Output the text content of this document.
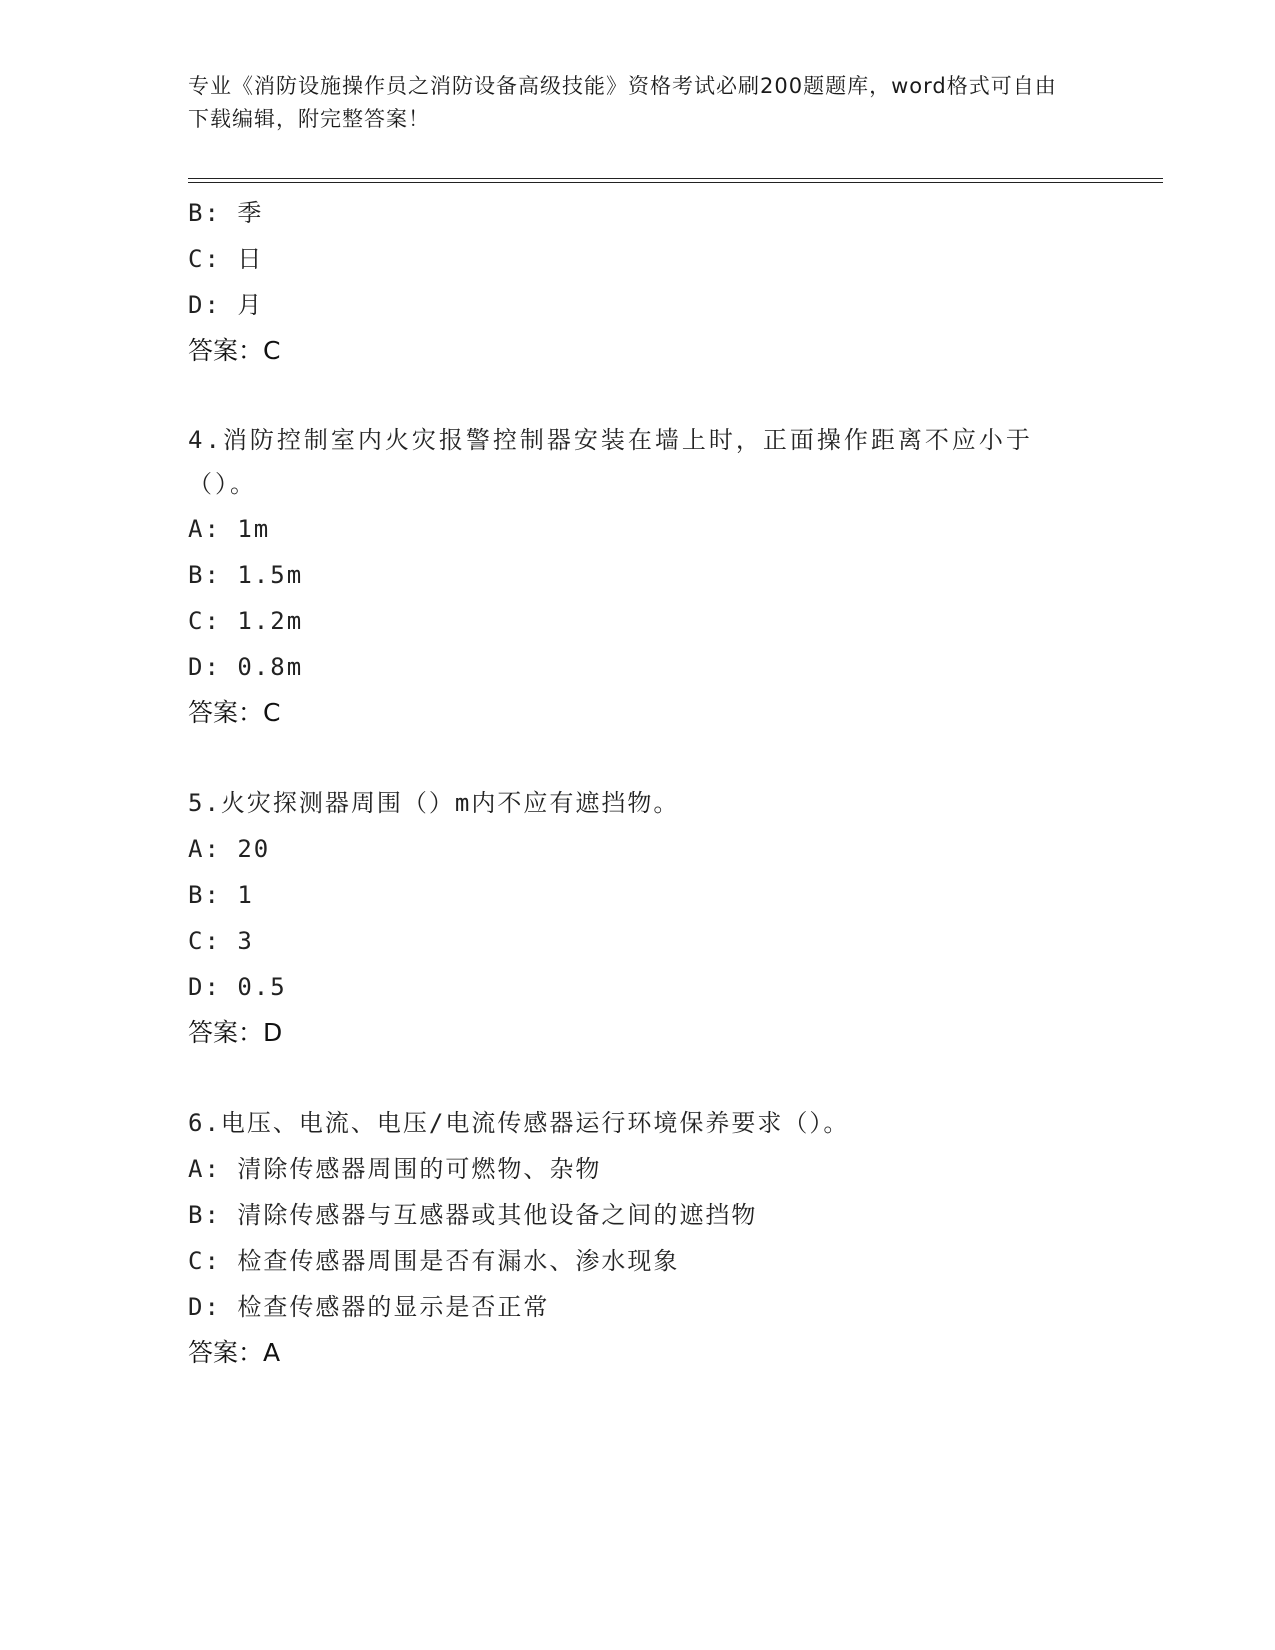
专业《消防设施操作员之消防设备高级技能》资格考试必刷200题题库，word格式可自由下载编辑，附完整答案！
B: 季
C: 日
D: 月
答案：C
4.消防控制室内火灾报警控制器安装在墙上时，正面操作距离不应小于（）。
A: 1m
B: 1.5m
C: 1.2m
D: 0.8m
答案：C
5.火灾探测器周围（）m内不应有遮挡物。
A: 20
B: 1
C: 3
D: 0.5
答案：D
6.电压、电流、电压/电流传感器运行环境保养要求（）。
A: 清除传感器周围的可燃物、杂物
B: 清除传感器与互感器或其他设备之间的遮挡物
C: 检查传感器周围是否有漏水、渗水现象
D: 检查传感器的显示是否正常
答案：A
